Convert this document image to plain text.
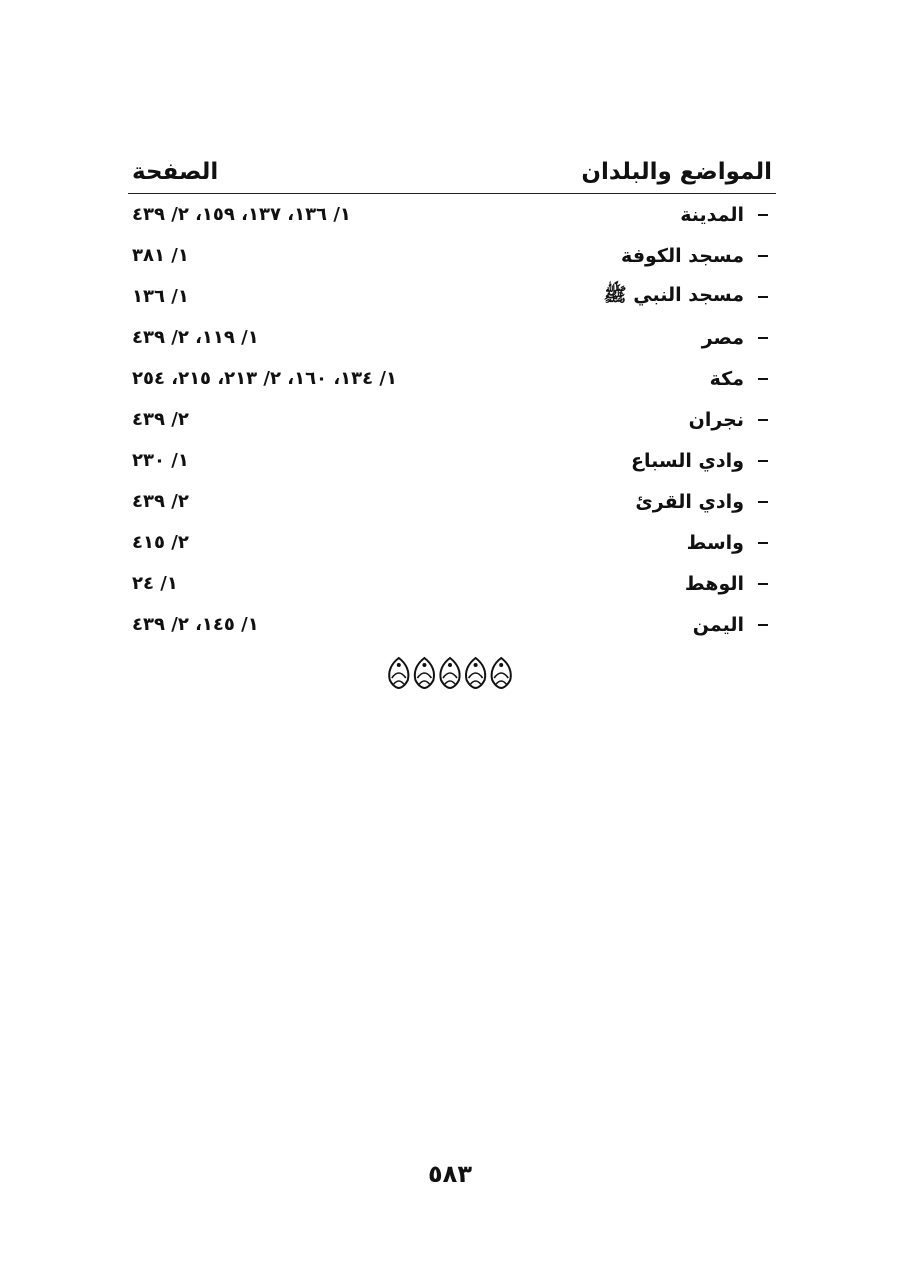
المواضع والبلدان
الصفحة
المدينة
١/ ١٣٦، ١٣٧، ١٥٩، ٢/ ٤٣٩
مسجد الكوفة
١/ ٣٨١
مسجد النبي ﷺ
١/ ١٣٦
مصر
١/ ١١٩، ٢/ ٤٣٩
مكة
١/ ١٣٤، ١٦٠، ٢/ ٢١٣، ٢١٥، ٢٥٤
نجران
٢/ ٤٣٩
وادي السباع
١/ ٢٣٠
وادي القرئ
٢/ ٤٣٩
واسط
٢/ ٤١٥
الوهط
١/ ٢٤
اليمن
١/ ١٤٥، ٢/ ٤٣٩
٥٨٣
